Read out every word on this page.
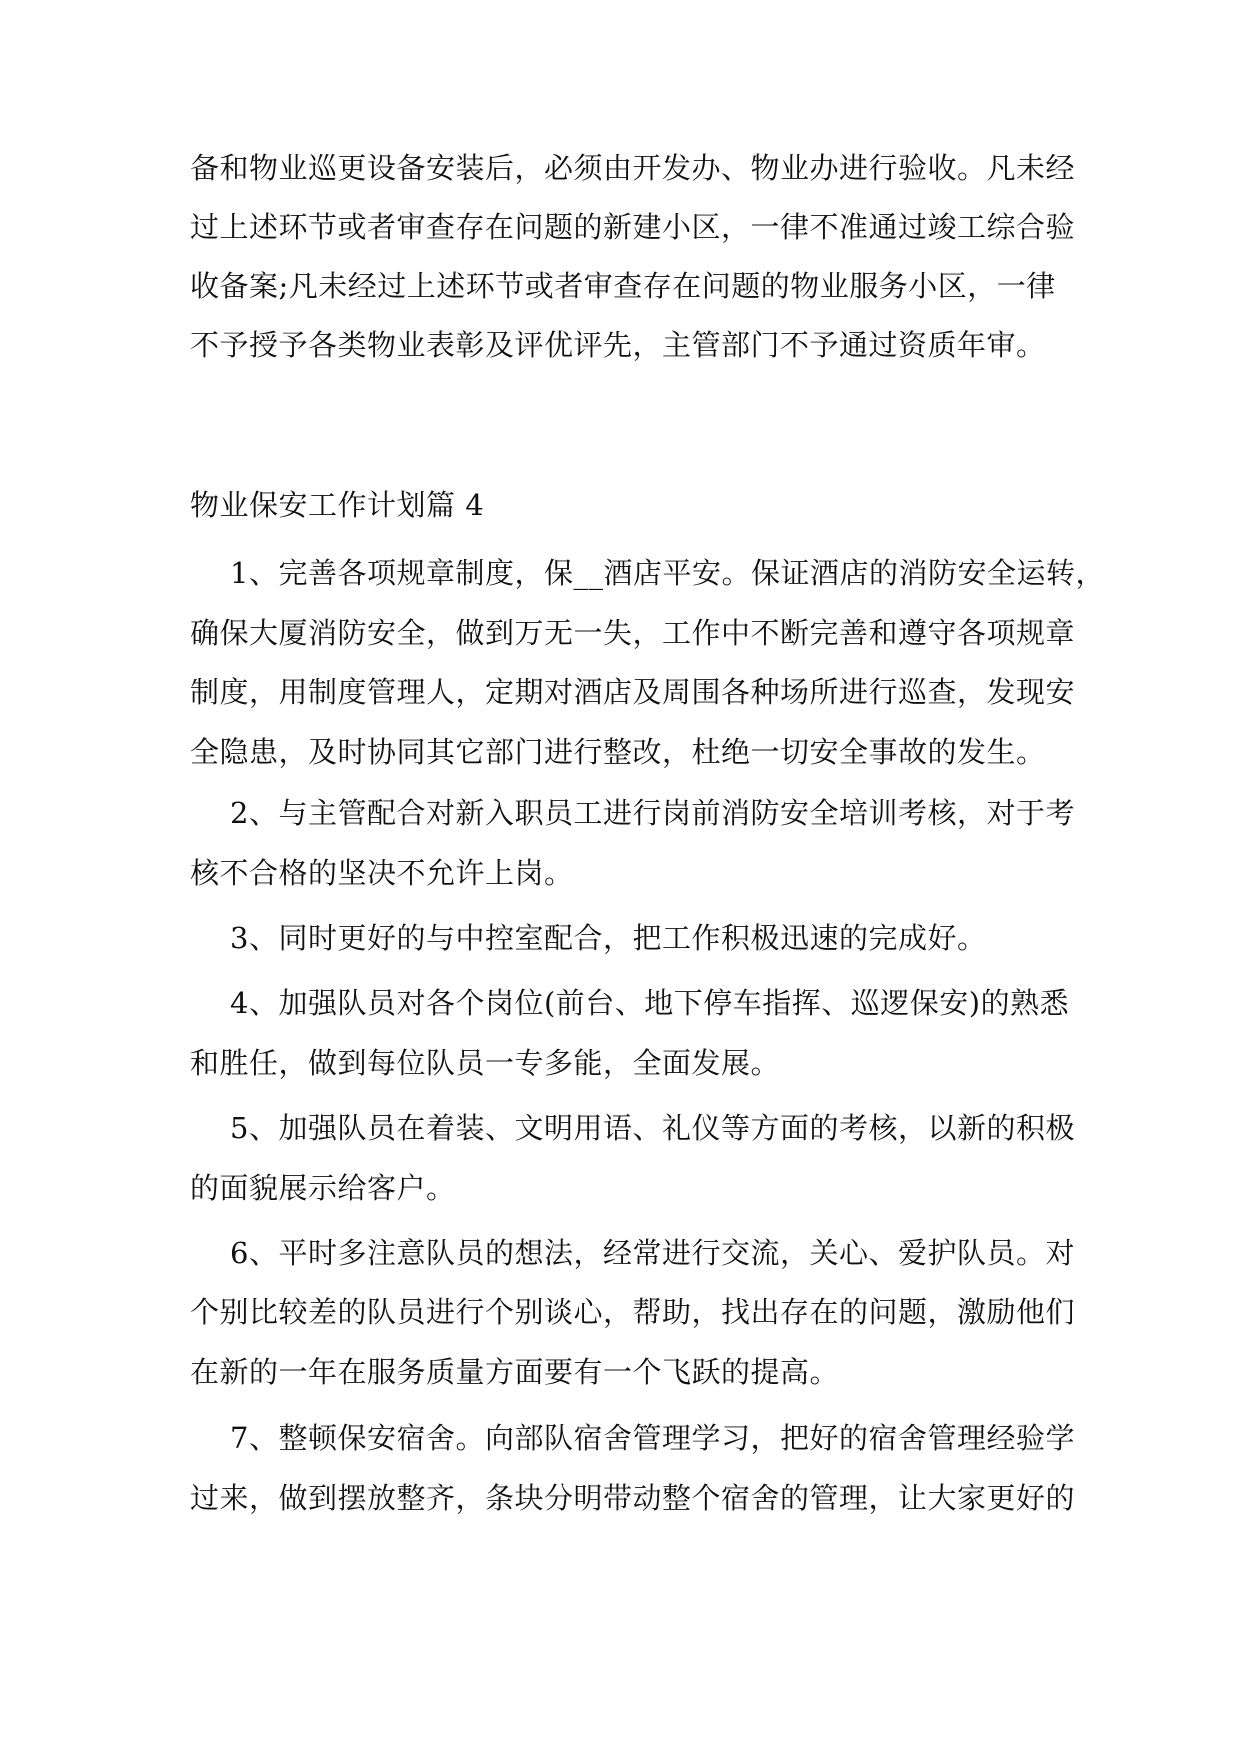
备和物业巡更设备安装后，必须由开发办、物业办进行验收。凡未经
过上述环节或者审查存在问题的新建小区，一律不准通过竣工综合验
收备案;凡未经过上述环节或者审查存在问题的物业服务小区，一律
不予授予各类物业表彰及评优评先，主管部门不予通过资质年审。
物业保安工作计划篇 4
1、完善各项规章制度，保__酒店平安。保证酒店的消防安全运转，
确保大厦消防安全，做到万无一失，工作中不断完善和遵守各项规章
制度，用制度管理人，定期对酒店及周围各种场所进行巡查，发现安
全隐患，及时协同其它部门进行整改，杜绝一切安全事故的发生。
2、与主管配合对新入职员工进行岗前消防安全培训考核，对于考
核不合格的坚决不允许上岗。
3、同时更好的与中控室配合，把工作积极迅速的完成好。
4、加强队员对各个岗位(前台、地下停车指挥、巡逻保安)的熟悉
和胜任，做到每位队员一专多能，全面发展。
5、加强队员在着装、文明用语、礼仪等方面的考核，以新的积极
的面貌展示给客户。
6、平时多注意队员的想法，经常进行交流，关心、爱护队员。对
个别比较差的队员进行个别谈心，帮助，找出存在的问题，激励他们
在新的一年在服务质量方面要有一个飞跃的提高。
7、整顿保安宿舍。向部队宿舍管理学习，把好的宿舍管理经验学
过来，做到摆放整齐，条块分明带动整个宿舍的管理，让大家更好的
